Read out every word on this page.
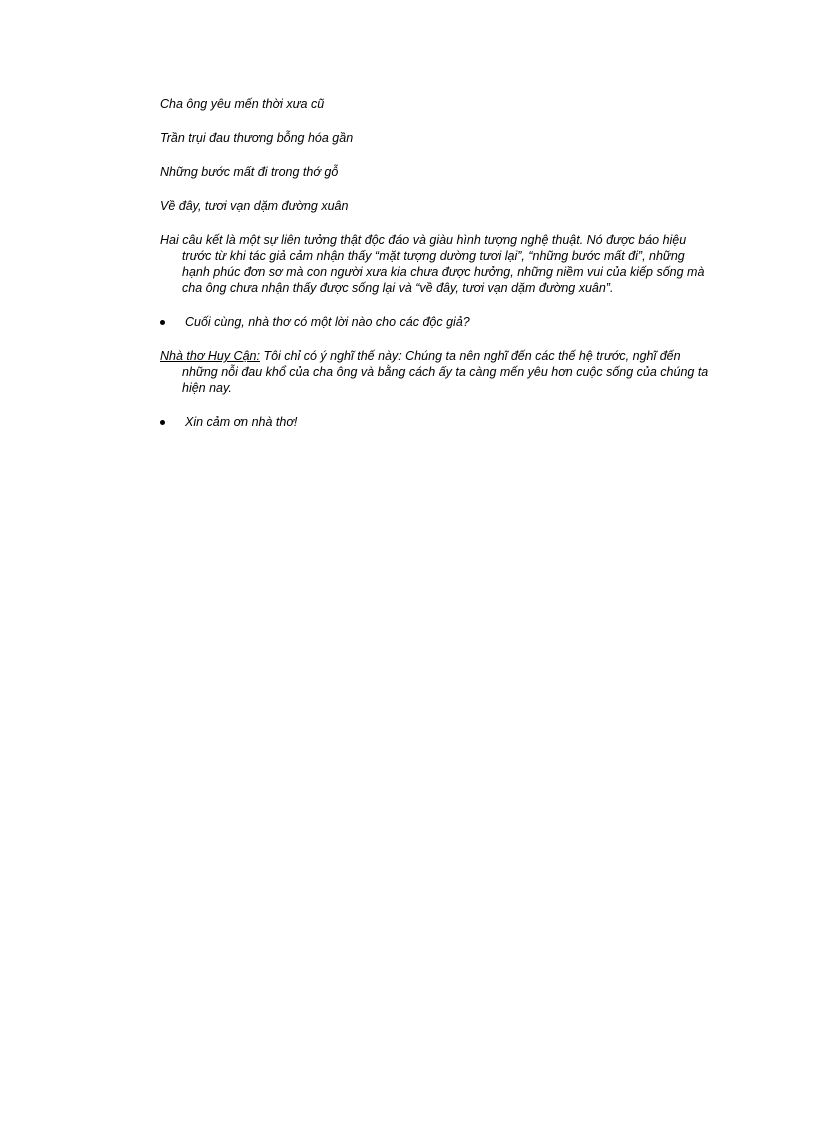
Cha ông yêu mến thời xưa cũ

Trần trụi đau thương bỗng hóa gần

Những bước mất đi trong thớ gỗ

Về đây, tươi vạn dặm đường xuân

Hai câu kết là một sự liên tưởng thật độc đáo và giàu hình tượng nghệ thuật. Nó được báo hiệu trước từ khi tác giả cảm nhận thấy “mặt tượng dường tươi lại”, “những bước mất đi”, những hạnh phúc đơn sơ mà con người xưa kia chưa được hưởng, những niềm vui của kiếp sống mà cha ông chưa nhận thấy được sống lại và “về đây, tươi vạn dặm đường xuân”.

Cuối cùng, nhà thơ có một lời nào cho các độc giả?

Nhà thơ Huy Cận: Tôi chỉ có ý nghĩ thế này: Chúng ta nên nghĩ đến các thế hệ trước, nghĩ đến những nỗi đau khổ của cha ông và bằng cách ấy ta càng mến yêu hơn cuộc sống của chúng ta hiện nay.

Xin cảm ơn nhà thơ!
